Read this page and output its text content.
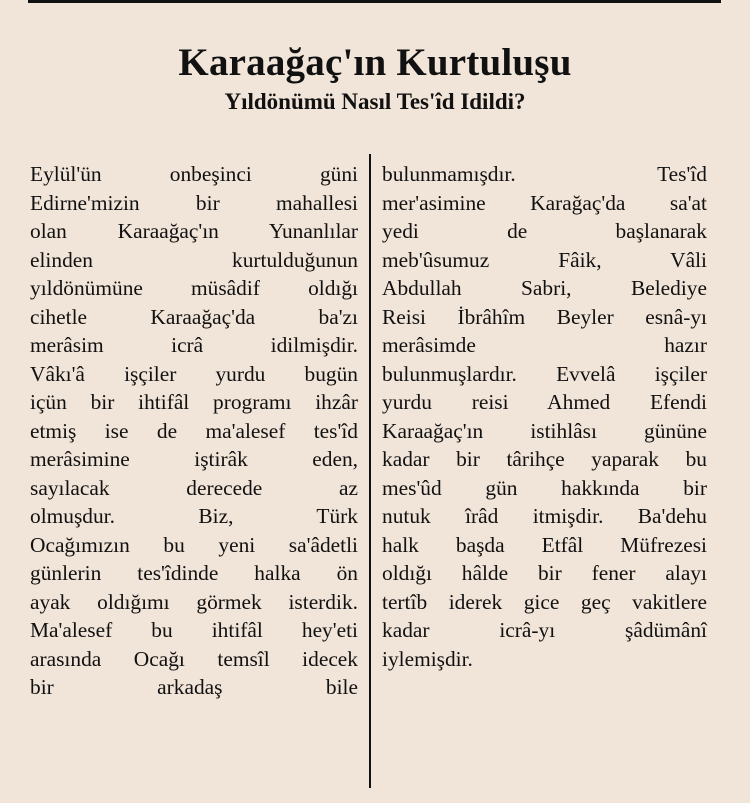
Karaağaç'ın Kurtuluşu
Yıldönümü Nasıl Tes'îd Idildi?
Eylül'ün onbeşinci güni
Edirne'mizin bir mahallesi
olan Karaağaç'ın Yunanlılar
elinden kurtulduğunun
yıldönümüne müsâdif oldığı
cihetle Karaağaç'da ba'zı
merâsim icrâ idilmişdir.
Vâkı'â işçiler yurdu bugün
içün bir ihtifâl programı ihzâr
etmiş ise de ma'alesef tes'îd
merâsimine iştirâk eden,
sayılacak derecede az
olmuşdur. Biz, Türk
Ocağımızın bu yeni sa'âdetli
günlerin tes'îdinde halka ön
ayak oldığımı görmek isterdik.
Ma'alesef bu ihtifâl hey'eti
arasında Ocağı temsîl idecek
bir arkadaş bile
bulunmamışdır. Tes'îd
mer'asimine Karağaç'da sa'at
yedi de başlanarak
meb'ûsumuz Fâik, Vâli
Abdullah Sabri, Belediye
Reisi İbrâhîm Beyler esnâ-yı
merâsimde hazır
bulunmuşlardır. Evvelâ işçiler
yurdu reisi Ahmed Efendi
Karaağaç'ın istihlâsı gününe
kadar bir târihçe yaparak bu
mes'ûd gün hakkında bir
nutuk îrâd itmişdir. Ba'dehu
halk başda Etfâl Müfrezesi
oldığı hâlde bir fener alayı
tertîb iderek gice geç vakitlere
kadar icrâ-yı şâdümânî
iylemişdir.
